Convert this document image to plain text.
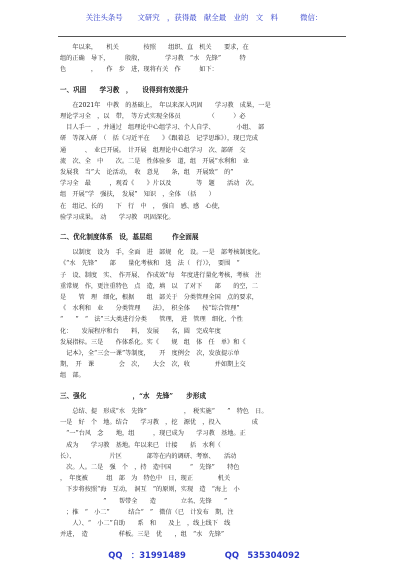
关注头条号　　文研究　，获得最　献全最　业的　文　料　　　微信：

　　年以来，　　机关　　　　按照　　组织、直　机关　　要求，在

组的正确　导下，　　　殷殷，　　　　学习教　“水　先锋”　　　特

色　　　　，　　作　步　进，现将有关　作　　　如下：

一、巩固　　学习教　，　　设得到有效提升

　　在2021年　中教　的基础上，　年以来深入巩固　　学习教　成果，一是

理论学习全　，以　带，　等方式实现全体员　　　　　（　　　）必

　目人手一　，并通过　组理论中心组学习、个人自学、　　　　小组、　部

研　等深入研　（　括《习近平在　　》《跟着总　记学思维》），现已完成

通　　　、　业已开展。　计开展　组理论中心组学习　次、部研　交

流　次、全　中　　次。二是　性体验多　道，组　开展“水利和　业

发展我　当”大　论活动，　收　意见　　条，组　开展致“　的”

学习全　最　　　，观看《　　》片以及　　　　等　题　　活动　次。

组　开展“学　强扶，　发展”　知识　，全体　（括　　）

在　组记、长的　　下　行　中　，　强自　感、感　心使，

验学习成果。　动　　学习教　巩固深化。

二、优化制度体系　设，基层组　　　作全面展

　　以制度　设为　手，全面　进　部规　化　设。一是　部考核制度化。

《“水　先锋”　　部　　量化考核和　选　法（　行）》，　要围　“

子　设、制度　实、　作开展、　作成效”每　年度进行量化考核，考核　注

重常规　作，更注重特色　点　造，填　以　了对下　　部　　的空，二

是　　管　理　细化，根据　　组　部关于　分类管理全国　点的要求，

《　水利和　业　　分类管理　　法》，　积全体　　按“综合管理”

“　　”　“　法”三大类进行分类　　管理，　进　管理　细化、个性

化：　　发展程序和台　　料，　发展　　名，圆　完成年度

发展指标。三是　　作体系化。实《　　规　组　体　任　单》和《　　　

　记本》，全“三会一课”等制度，　　开　度例会　次，发放提示单

期，　开　课　　　　会　次，　　大会　次，收　　　　并如期上交

组　部。

三、强化　　　　　　　，“水　先锋”　　步形成

　　总结、提　形成“水　先锋”　　　　　　，　税实施“　　”　特色　日。

一是　好　个　地。结合　　学习教　，挖　源优　，投入　　　　　成

　“一”台风　念　　地，组　　　，现已成为　　学习教　基地。正

　成为　　学习教　基地。年以来已　计接　　括　水利（

长）、　　　　　　片区　　　　部等在内的调研、考察、　　活动

　次。人。二是　强　个　，持　造中国　　　“　先锋”　　特色

，　年度被　　　组　部　为　特色中　日，现正　　　　机关

　下步将按照“海　互动，　洞互　”的原则，实现　造　“海上　小

　　　　　　　”　　帮带全　　造　　　　立名、先锋　　”

　；推　“　小二”　　　结合“　”　微信（已　计发布　期，注

　　人）、“　小二”自助　　系　和　　及上　，线上线下　线

并进，　造　　　　　样板。三是　优　　，组　“水　先锋”

QQ　：31991489	QQ　535304092
